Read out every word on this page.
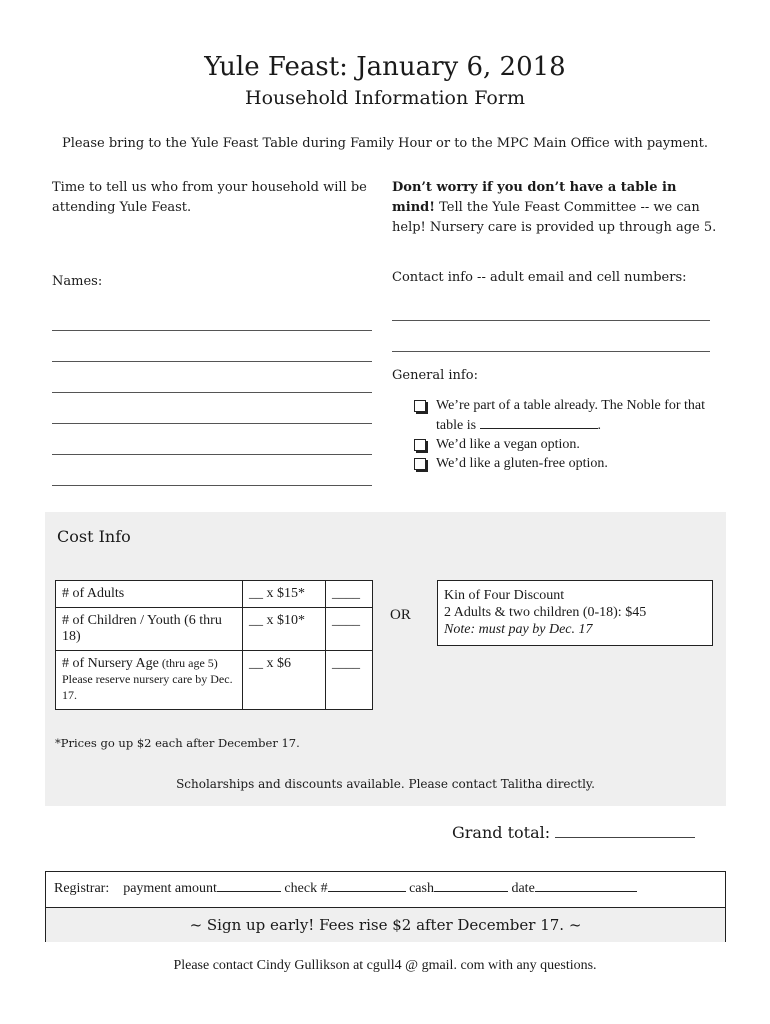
Yule Feast: January 6, 2018
Household Information Form
Please bring to the Yule Feast Table during Family Hour or to the MPC Main Office with payment.
Time to tell us who from your household will be attending Yule Feast.
Don’t worry if you don’t have a table in mind! Tell the Yule Feast Committee -- we can help! Nursery care is provided up through age 5.
Names:	Contact info -- adult email and cell numbers:
General info:
We’re part of a table already. The Noble for that table is	.
We’d like a vegan option.
We’d like a gluten-free option.
Cost Info
# of Adults	__ x $15*	____
# of Children / Youth (6 thru 18)	__ x $10*	____
# of Nursery Age (thru age 5) Please reserve nursery care by Dec. 17.	__ x $6	____
OR
Kin of Four Discount
2 Adults & two children (0-18): $45
Note: must pay by Dec. 17
*Prices go up $2 each after December 17.
Scholarships and discounts available. Please contact Talitha directly.
Grand total:
Registrar: payment amount	check #	cash	date
~ Sign up early! Fees rise $2 after December 17. ~
Please contact Cindy Gullikson at cgull4 @ gmail. com with any questions.
